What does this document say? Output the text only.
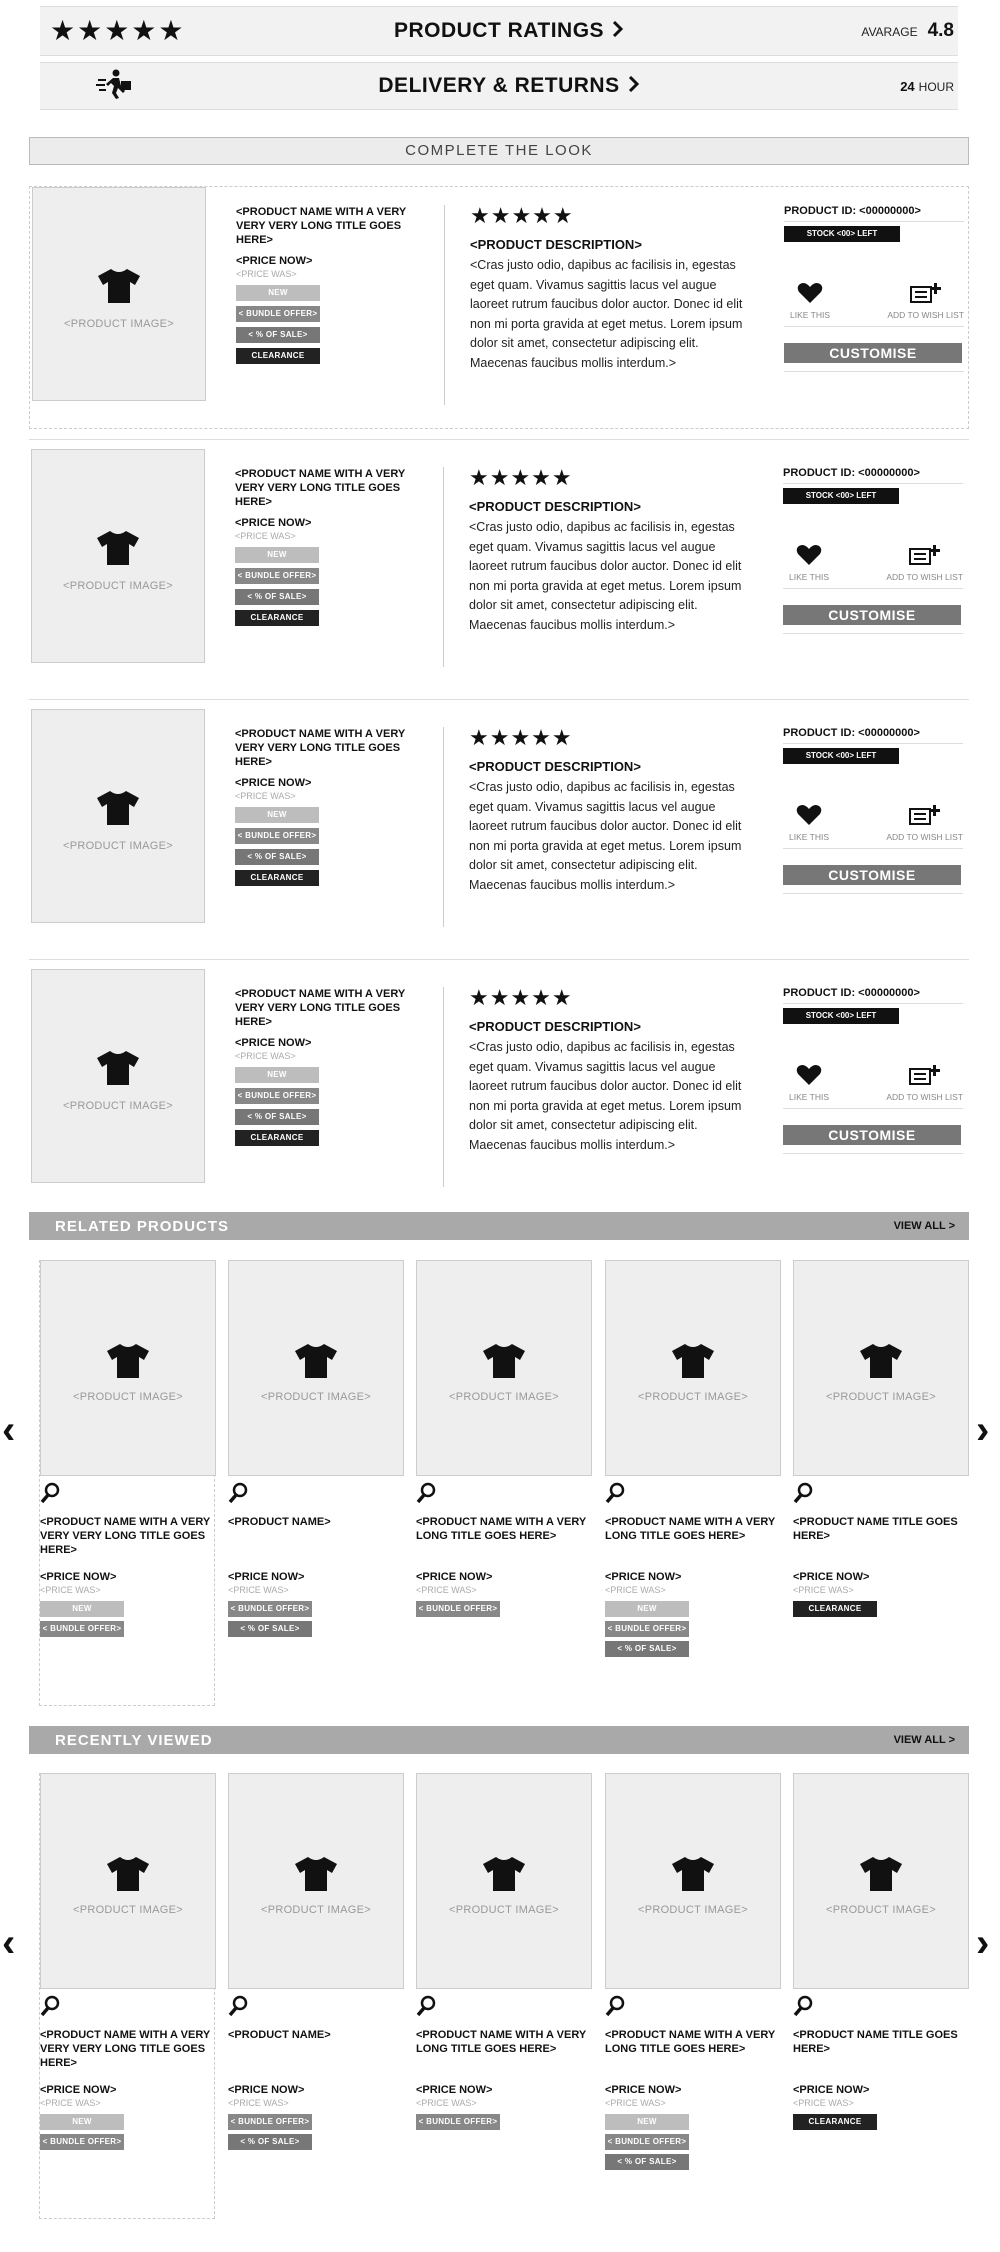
★★★★★	PRODUCT RATINGS	AVARAGE 4.8
DELIVERY & RETURNS	24 HOUR
COMPLETE THE LOOK
<PRODUCT IMAGE>
<PRODUCT NAME WITH A VERY VERY VERY LONG TITLE GOES HERE>
<PRICE NOW>
<PRICE WAS>
NEW
< BUNDLE OFFER>
< % OF SALE>
CLEARANCE
★★★★★
<PRODUCT DESCRIPTION>
<Cras justo odio, dapibus ac facilisis in, egestas eget quam. Vivamus sagittis lacus vel augue laoreet rutrum faucibus dolor auctor. Donec id elit non mi porta gravida at eget metus. Lorem ipsum dolor sit amet, consectetur adipiscing elit. Maecenas faucibus mollis interdum.>
PRODUCT ID: <00000000>
STOCK <00> LEFT
LIKE THIS	ADD TO WISH LIST
CUSTOMISE
<PRODUCT IMAGE>
<PRODUCT NAME WITH A VERY VERY VERY LONG TITLE GOES HERE>
<PRICE NOW>
<PRICE WAS>
NEW
< BUNDLE OFFER>
< % OF SALE>
CLEARANCE
★★★★★
<PRODUCT DESCRIPTION>
<Cras justo odio, dapibus ac facilisis in, egestas eget quam. Vivamus sagittis lacus vel augue laoreet rutrum faucibus dolor auctor. Donec id elit non mi porta gravida at eget metus. Lorem ipsum dolor sit amet, consectetur adipiscing elit. Maecenas faucibus mollis interdum.>
PRODUCT ID: <00000000>
STOCK <00> LEFT
LIKE THIS	ADD TO WISH LIST
CUSTOMISE
<PRODUCT IMAGE>
<PRODUCT NAME WITH A VERY VERY VERY LONG TITLE GOES HERE>
<PRICE NOW>
<PRICE WAS>
NEW
< BUNDLE OFFER>
< % OF SALE>
CLEARANCE
★★★★★
<PRODUCT DESCRIPTION>
<Cras justo odio, dapibus ac facilisis in, egestas eget quam. Vivamus sagittis lacus vel augue laoreet rutrum faucibus dolor auctor. Donec id elit non mi porta gravida at eget metus. Lorem ipsum dolor sit amet, consectetur adipiscing elit. Maecenas faucibus mollis interdum.>
PRODUCT ID: <00000000>
STOCK <00> LEFT
LIKE THIS	ADD TO WISH LIST
CUSTOMISE
<PRODUCT IMAGE>
<PRODUCT NAME WITH A VERY VERY VERY LONG TITLE GOES HERE>
<PRICE NOW>
<PRICE WAS>
NEW
< BUNDLE OFFER>
< % OF SALE>
CLEARANCE
★★★★★
<PRODUCT DESCRIPTION>
<Cras justo odio, dapibus ac facilisis in, egestas eget quam. Vivamus sagittis lacus vel augue laoreet rutrum faucibus dolor auctor. Donec id elit non mi porta gravida at eget metus. Lorem ipsum dolor sit amet, consectetur adipiscing elit. Maecenas faucibus mollis interdum.>
PRODUCT ID: <00000000>
STOCK <00> LEFT
LIKE THIS	ADD TO WISH LIST
CUSTOMISE
RELATED PRODUCTS	VIEW ALL >
‹	›
<PRODUCT IMAGE>
<PRODUCT NAME WITH A VERY VERY VERY LONG TITLE GOES HERE>
<PRICE NOW>
<PRICE WAS>
NEW
< BUNDLE OFFER>
<PRODUCT IMAGE>
<PRODUCT NAME>
<PRICE NOW>
<PRICE WAS>
< BUNDLE OFFER>
< % OF SALE>
<PRODUCT IMAGE>
<PRODUCT NAME WITH A VERY LONG TITLE GOES HERE>
<PRICE NOW>
<PRICE WAS>
< BUNDLE OFFER>
<PRODUCT IMAGE>
<PRODUCT NAME WITH A VERY LONG TITLE GOES HERE>
<PRICE NOW>
<PRICE WAS>
NEW
< BUNDLE OFFER>
< % OF SALE>
<PRODUCT IMAGE>
<PRODUCT NAME TITLE GOES HERE>
<PRICE NOW>
<PRICE WAS>
CLEARANCE
RECENTLY VIEWED	VIEW ALL >
‹	›
<PRODUCT IMAGE>
<PRODUCT NAME WITH A VERY VERY VERY LONG TITLE GOES HERE>
<PRICE NOW>
<PRICE WAS>
NEW
< BUNDLE OFFER>
<PRODUCT IMAGE>
<PRODUCT NAME>
<PRICE NOW>
<PRICE WAS>
< BUNDLE OFFER>
< % OF SALE>
<PRODUCT IMAGE>
<PRODUCT NAME WITH A VERY LONG TITLE GOES HERE>
<PRICE NOW>
<PRICE WAS>
< BUNDLE OFFER>
<PRODUCT IMAGE>
<PRODUCT NAME WITH A VERY LONG TITLE GOES HERE>
<PRICE NOW>
<PRICE WAS>
NEW
< BUNDLE OFFER>
< % OF SALE>
<PRODUCT IMAGE>
<PRODUCT NAME TITLE GOES HERE>
<PRICE NOW>
<PRICE WAS>
CLEARANCE
